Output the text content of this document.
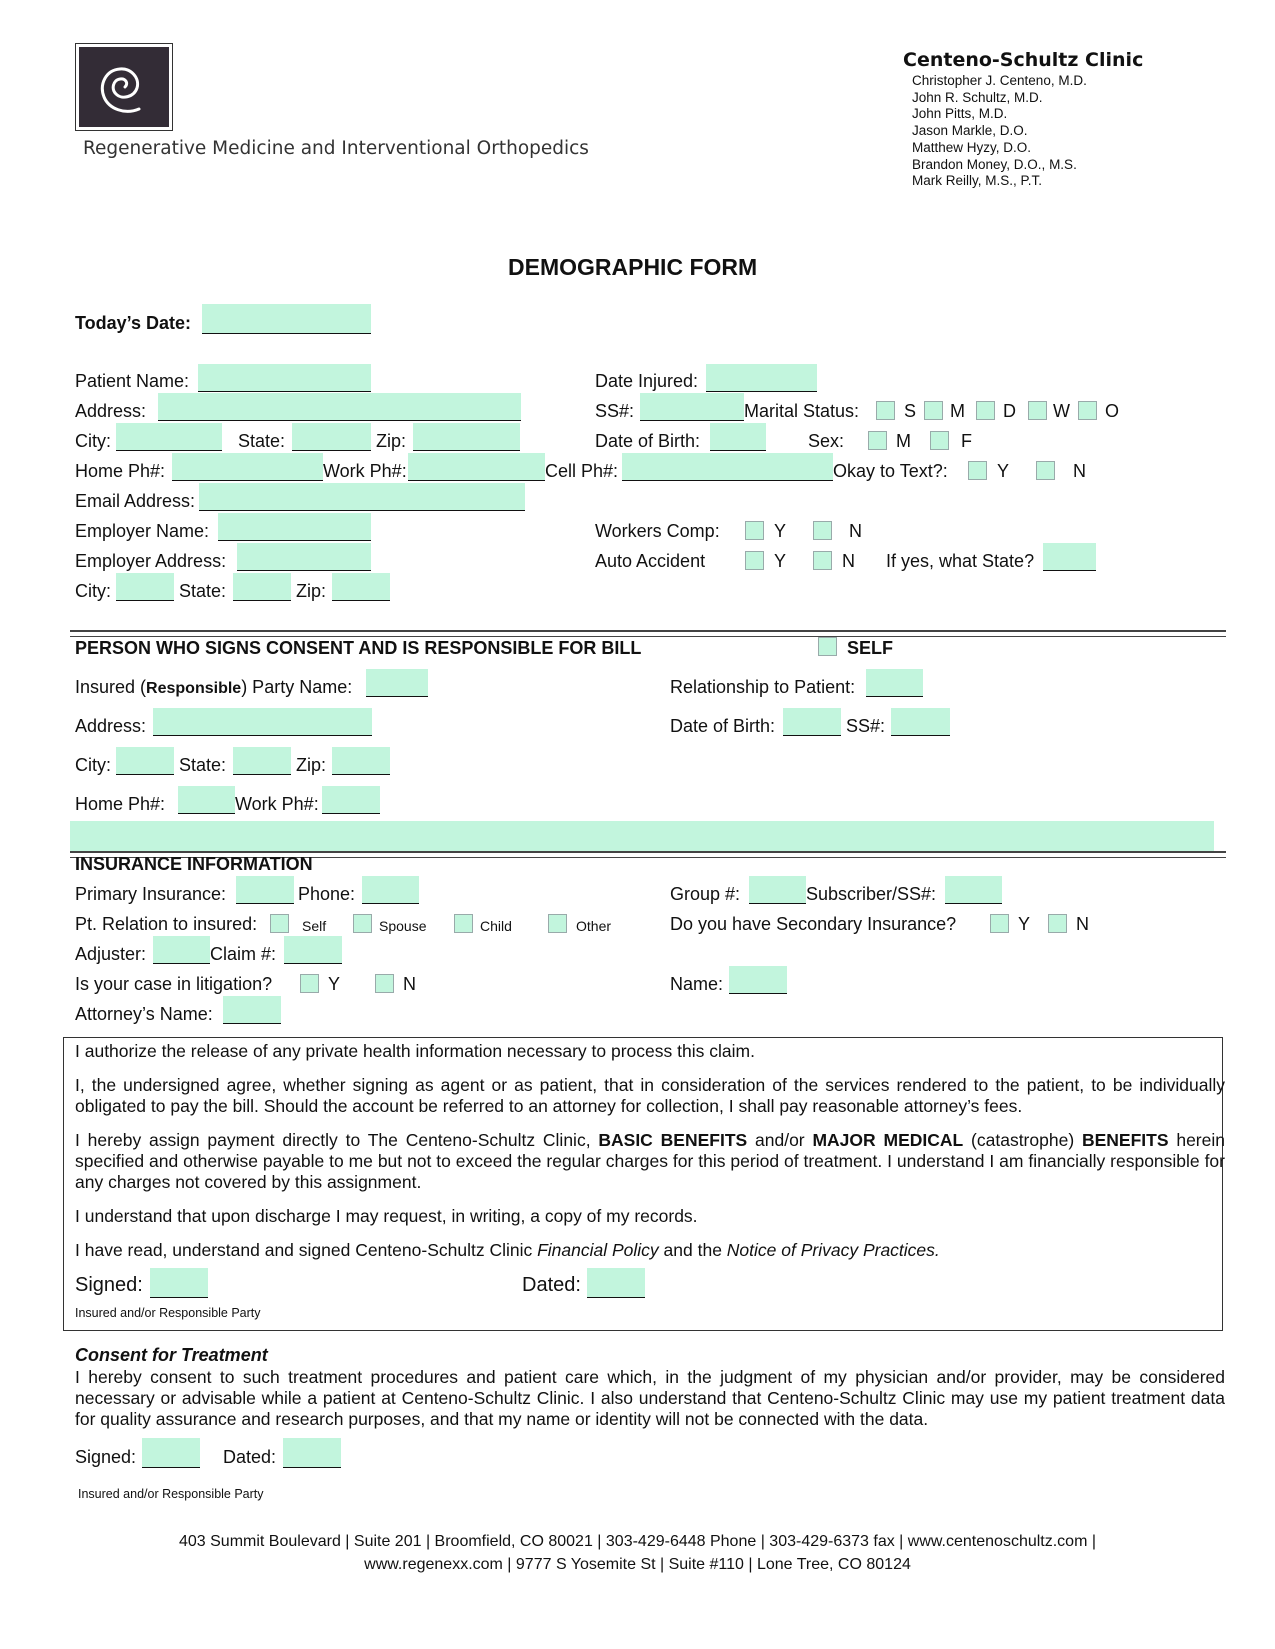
Regenerative Medicine and Interventional Orthopedics
Centeno-Schultz Clinic
Christopher J. Centeno, M.D.
John R. Schultz, M.D.
John Pitts, M.D.
Jason Markle, D.O.
Matthew Hyzy, D.O.
Brandon Money, D.O., M.S.
Mark Reilly, M.S., P.T.
DEMOGRAPHIC FORM
Today’s Date:
Patient Name:
Address:
City:	State:	Zip:
Home Ph#:	Work Ph#:	Cell Ph#:	Okay to Text?:	Y	N
Email Address:
Employer Name:
Employer Address:
City:	State:	Zip:
Date Injured:
SS#:	Marital Status: S M D W O
Date of Birth:	Sex:	M	F
Workers Comp:	Y	N
Auto Accident	Y	N If yes, what State?
PERSON WHO SIGNS CONSENT AND IS RESPONSIBLE FOR BILL	SELF
Insured (Responsible) Party Name:	Relationship to Patient:
Address:	Date of Birth:	SS#:
City:	State:	Zip:
Home Ph#:	Work Ph#:
INSURANCE INFORMATION
Primary Insurance:	Phone:	Group #:	Subscriber/SS#:
Pt. Relation to insured:	Self	Spouse	Child	Other	Do you have Secondary Insurance?	Y	N
Adjuster:	Claim #:
Is your case in litigation?	Y	N	Name:
Attorney’s Name:
I authorize the release of any private health information necessary to process this claim.
I, the undersigned agree, whether signing as agent or as patient, that in consideration of the services rendered to the patient, to be individually obligated to pay the bill. Should the account be referred to an attorney for collection, I shall pay reasonable attorney’s fees.
I hereby assign payment directly to The Centeno-Schultz Clinic, BASIC BENEFITS and/or MAJOR MEDICAL (catastrophe) BENEFITS herein specified and otherwise payable to me but not to exceed the regular charges for this period of treatment. I understand I am financially responsible for any charges not covered by this assignment.
I understand that upon discharge I may request, in writing, a copy of my records.
I have read, understand and signed Centeno-Schultz Clinic Financial Policy and the Notice of Privacy Practices.
Signed:	Dated:
Insured and/or Responsible Party
Consent for Treatment
I hereby consent to such treatment procedures and patient care which, in the judgment of my physician and/or provider, may be considered necessary or advisable while a patient at Centeno-Schultz Clinic. I also understand that Centeno-Schultz Clinic may use my patient treatment data for quality assurance and research purposes, and that my name or identity will not be connected with the data.
Signed:	Dated:
Insured and/or Responsible Party
403 Summit Boulevard | Suite 201 | Broomfield, CO 80021 | 303-429-6448 Phone | 303-429-6373 fax | www.centenoschultz.com |
www.regenexx.com | 9777 S Yosemite St | Suite #110 | Lone Tree, CO 80124
